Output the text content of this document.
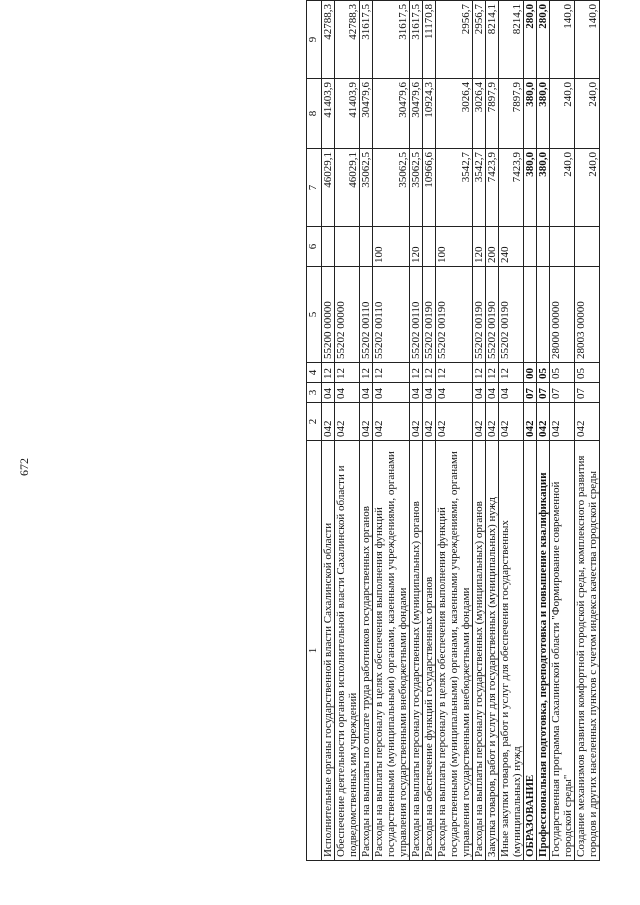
672
1	2	3	4	5	6	7	8	9
Исполнительные органы государственной власти Сахалинской области	042	04	12	55200 00000		46029,1	41403,9	42788,3
Обеспечение деятельности органов исполнительной власти Сахалинской области и подведомственных им учреждений	042	04	12	55202 00000		46029,1	41403,9	42788,3
Расходы на выплаты по оплате труда работников государственных органов	042	04	12	55202 00110		35062,5	30479,6	31617,5
Расходы на выплаты персоналу в целях обеспечения выполнения функций государственными (муниципальными) органами, казенными учреждениями, органами управления государственными внебюджетными фондами	042	04	12	55202 00110	100	35062,5	30479,6	31617,5
Расходы на выплаты персоналу государственных (муниципальных) органов	042	04	12	55202 00110	120	35062,5	30479,6	31617,5
Расходы на обеспечение функций государственных органов	042	04	12	55202 00190		10966,6	10924,3	11170,8
Расходы на выплаты персоналу в целях обеспечения выполнения функций государственными (муниципальными) органами, казенными учреждениями, органами управления государственными внебюджетными фондами	042	04	12	55202 00190	100	3542,7	3026,4	2956,7
Расходы на выплаты персоналу государственных (муниципальных) органов	042	04	12	55202 00190	120	3542,7	3026,4	2956,7
Закупка товаров, работ и услуг для государственных (муниципальных) нужд	042	04	12	55202 00190	200	7423,9	7897,9	8214,1
Иные закупки товаров, работ и услуг для обеспечения государственных (муниципальных) нужд	042	04	12	55202 00190	240	7423,9	7897,9	8214,1
ОБРАЗОВАНИЕ	042	07	00			380,0	380,0	280,0
Профессиональная подготовка, переподготовка и повышение квалификации	042	07	05			380,0	380,0	280,0
Государственная программа Сахалинской области "Формирование современной городской среды"	042	07	05	28000 00000		240,0	240,0	140,0
Создание механизмов развития комфортной городской среды, комплексного развития городов и других населенных пунктов с учетом индекса качества городской среды	042	07	05	28003 00000		240,0	240,0	140,0
